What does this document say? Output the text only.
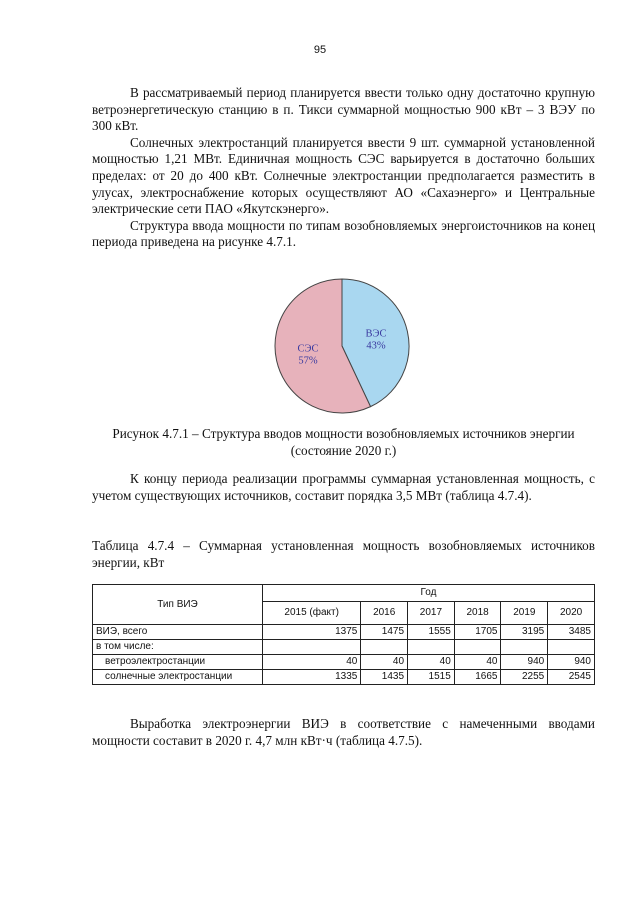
95

В рассматриваемый период планируется ввести только одну достаточно крупную ветроэнергетическую станцию в п. Тикси суммарной мощностью 900 кВт – 3 ВЭУ по 300 кВт.

Солнечных электростанций планируется ввести 9 шт. суммарной установленной мощностью 1,21 МВт. Единичная мощность СЭС варьируется в достаточно больших пределах: от 20 до 400 кВт. Солнечные электростанции предполагается разместить в улусах, электроснабжение которых осуществляют АО «Сахаэнерго» и Центральные электрические сети ПАО «Якутскэнерго».

Структура ввода мощности по типам возобновляемых энергоисточников на конец периода приведена на рисунке 4.7.1.

ВЭС
43%
СЭС
57%
Рисунок 4.7.1 – Структура вводов мощности возобновляемых источников энергии
(состояние 2020 г.)

К концу периода реализации программы суммарная установленная мощность, с учетом существующих источников, составит порядка 3,5 МВт (таблица 4.7.4).

Таблица 4.7.4 – Суммарная установленная мощность возобновляемых источников энергии, кВт
Тип ВИЭ	Год					
	2015 (факт)	2016	2017	2018	2019	2020
ВИЭ, всего	1375	1475	1555	1705	3195	3485
в том числе:						
ветроэлектростанции	40	40	40	40	940	940
солнечные электростанции	1335	1435	1515	1665	2255	2545

Выработка электроэнергии ВИЭ в соответствие с намеченными вводами мощности составит в 2020 г. 4,7 млн кВт·ч (таблица 4.7.5).
